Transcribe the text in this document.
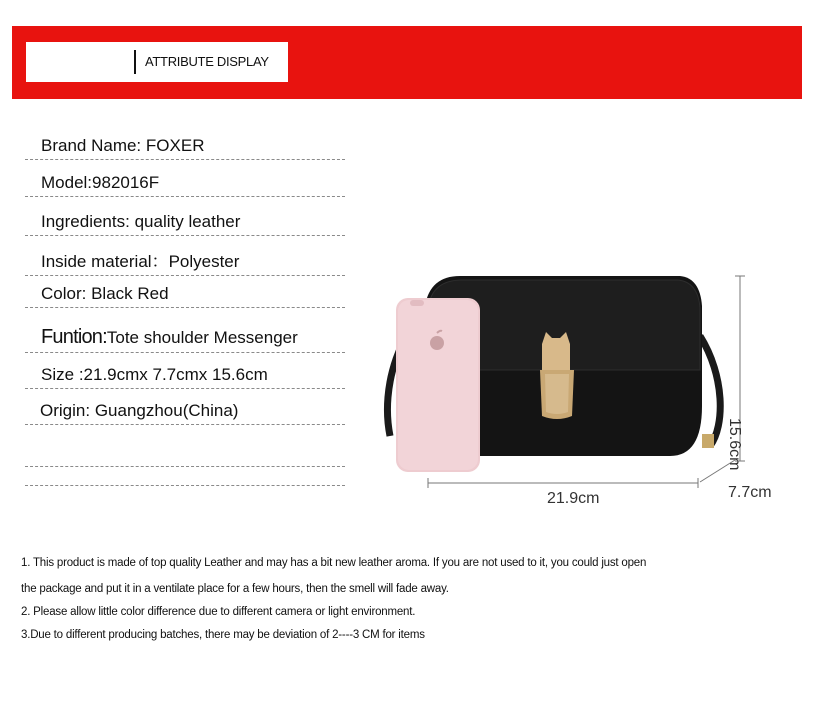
ATTRIBUTE DISPLAY
Brand Name: FOXER
Model:982016F
Ingredients: quality leather
Inside material：Polyester
Color: Black Red
Funtion:Tote shoulder Messenger
Size :21.9cmx 7.7cmx 15.6cm
Origin: Guangzhou(China)
21.9cm	7.7cm
15.6cm
1. This product is made of top quality Leather and may has a bit new leather aroma. If you are not used to it, you could just open
the package and put it in a ventilate place for a few hours, then the smell will fade away.
2. Please allow little color difference due to different camera or light environment.
3.Due to different producing batches, there may be deviation of 2----3 CM for items
